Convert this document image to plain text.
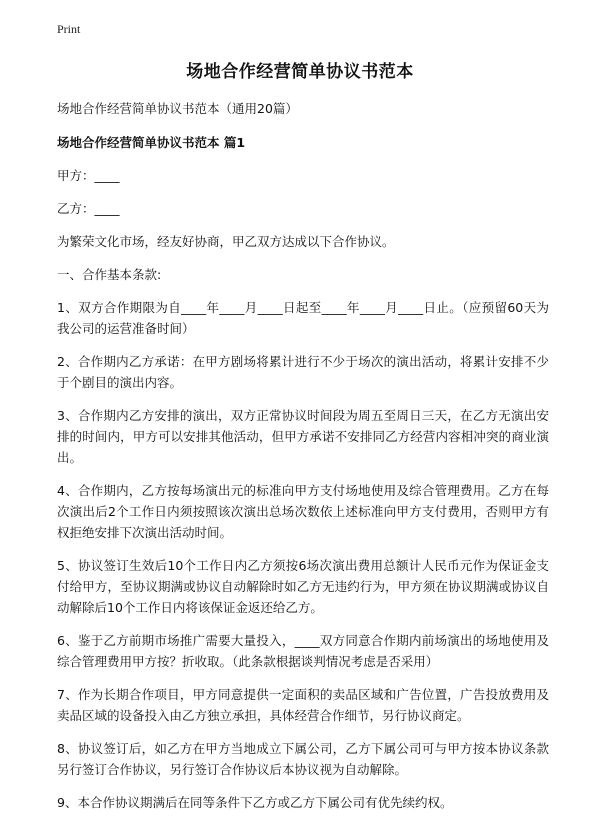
Print
场地合作经营简单协议书范本

场地合作经营简单协议书范本（通用20篇）

场地合作经营简单协议书范本 篇1

甲方：____

乙方：____

为繁荣文化市场，经友好协商，甲乙双方达成以下合作协议。

一、合作基本条款:

1、双方合作期限为自____年____月____日起至____年____月____日止。（应预留60天为我公司的运营准备时间）

2、合作期内乙方承诺：在甲方剧场将累计进行不少于场次的演出活动，将累计安排不少于个剧目的演出内容。

3、合作期内乙方安排的演出，双方正常协议时间段为周五至周日三天，在乙方无演出安排的时间内，甲方可以安排其他活动，但甲方承诺不安排同乙方经营内容相冲突的商业演出。

4、合作期内，乙方按每场演出元的标准向甲方支付场地使用及综合管理费用。乙方在每次演出后2个工作日内须按照该次演出总场次数依上述标准向甲方支付费用，否则甲方有权拒绝安排下次演出活动时间。

5、协议签订生效后10个工作日内乙方须按6场次演出费用总额计人民币元作为保证金支付给甲方，至协议期满或协议自动解除时如乙方无违约行为，甲方须在协议期满或协议自动解除后10个工作日内将该保证金返还给乙方。

6、鉴于乙方前期市场推广需要大量投入，____双方同意合作期内前场演出的场地使用及综合管理费用甲方按？折收取。（此条款根据谈判情况考虑是否采用）

7、作为长期合作项目，甲方同意提供一定面积的卖品区域和广告位置，广告投放费用及卖品区域的设备投入由乙方独立承担，具体经营合作细节，另行协议商定。

8、协议签订后，如乙方在甲方当地成立下属公司，乙方下属公司可与甲方按本协议条款另行签订合作协议，另行签订合作协议后本协议视为自动解除。

9、本合作协议期满后在同等条件下乙方或乙方下属公司有优先续约权。
